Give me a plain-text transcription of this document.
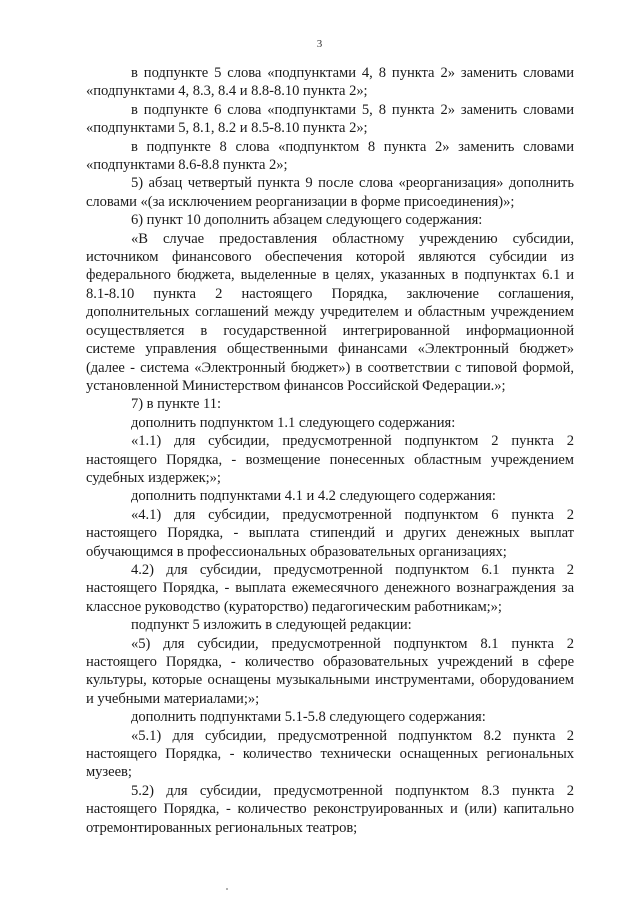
3

в подпункте 5 слова «подпунктами 4, 8 пункта 2» заменить словами «подпунктами 4, 8.3, 8.4 и 8.8-8.10 пункта 2»;

в подпункте 6 слова «подпунктами 5, 8 пункта 2» заменить словами «подпунктами 5, 8.1, 8.2 и 8.5-8.10 пункта 2»;

в подпункте 8 слова «подпунктом 8 пункта 2» заменить словами «подпунктами 8.6-8.8 пункта 2»;

5) абзац четвертый пункта 9 после слова «реорганизация» дополнить словами «(за исключением реорганизации в форме присоединения)»;

6) пункт 10 дополнить абзацем следующего содержания:

«В случае предоставления областному учреждению субсидии, источником финансового обеспечения которой являются субсидии из федерального бюджета, выделенные в целях, указанных в подпунктах 6.1 и 8.1-8.10 пункта 2 настоящего Порядка, заключение соглашения, дополнительных соглашений между учредителем и областным учреждением осуществляется в государственной интегрированной информационной системе управления общественными финансами «Электронный бюджет» (далее - система «Электронный бюджет») в соответствии с типовой формой, установленной Министерством финансов Российской Федерации.»;

7) в пункте 11:

дополнить подпунктом 1.1 следующего содержания:

«1.1) для субсидии, предусмотренной подпунктом 2 пункта 2 настоящего Порядка, - возмещение понесенных областным учреждением судебных издержек;»;

дополнить подпунктами 4.1 и 4.2 следующего содержания:

«4.1) для субсидии, предусмотренной подпунктом 6 пункта 2 настоящего Порядка, - выплата стипендий и других денежных выплат обучающимся в профессиональных образовательных организациях;

4.2) для субсидии, предусмотренной подпунктом 6.1 пункта 2 настоящего Порядка, - выплата ежемесячного денежного вознаграждения за классное руководство (кураторство) педагогическим работникам;»;

подпункт 5 изложить в следующей редакции:

«5) для субсидии, предусмотренной подпунктом 8.1 пункта 2 настоящего Порядка, - количество образовательных учреждений в сфере культуры, которые оснащены музыкальными инструментами, оборудованием и учебными материалами;»;

дополнить подпунктами 5.1-5.8 следующего содержания:

«5.1) для субсидии, предусмотренной подпунктом 8.2 пункта 2 настоящего Порядка, - количество технически оснащенных региональных музеев;

5.2) для субсидии, предусмотренной подпунктом 8.3 пункта 2 настоящего Порядка, - количество реконструированных и (или) капитально отремонтированных региональных театров;
